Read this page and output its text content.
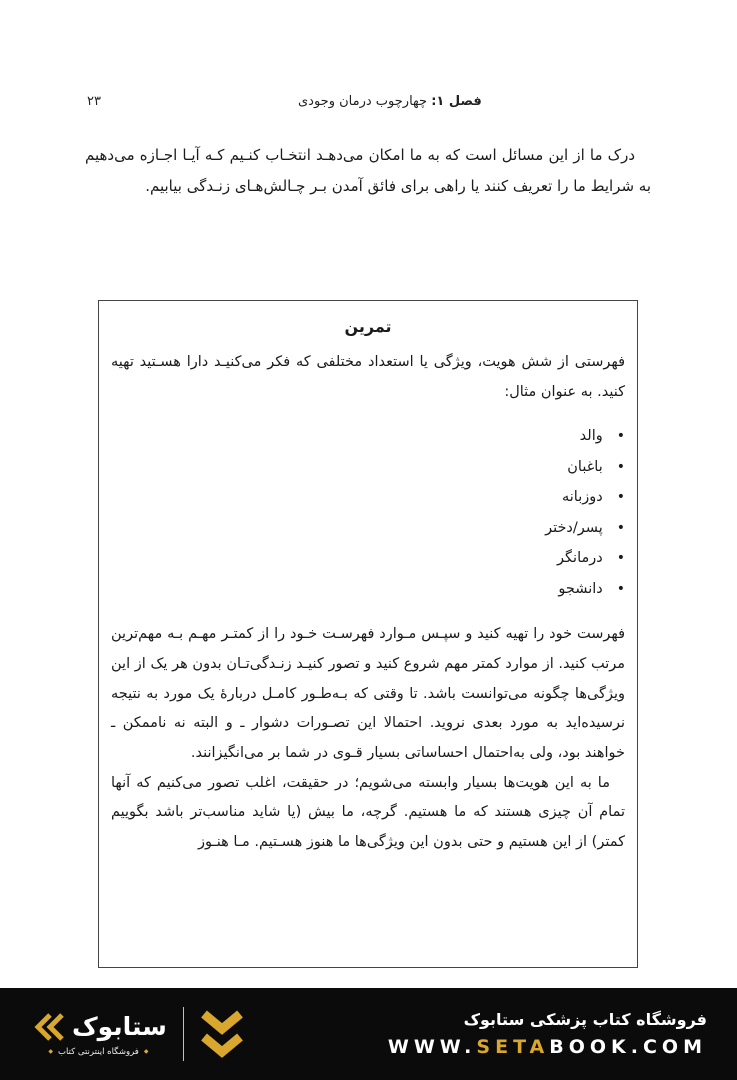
۲۳	فصل ۱: چهارچوب درمان وجودی

درک ما از این مسائل است که به ما امکان می‌دهـد انتخـاب کنـیم کـه آیـا اجـازه می‌دهیم به شرایط ما را تعریف کنند یا راهی برای فائق آمدن بـر چـالش‌هـای زنـدگی بیابیم.

تمرین

فهرستی از شش هویت، ویژگی یا استعداد مختلفی که فکر می‌کنیـد دارا هسـتید تهیه کنید. به عنوان مثال:

•والد
•باغبان
•دوزبانه
•پسر/دختر
•درمانگر
•دانشجو

فهرست خود را تهیه کنید و سپـس مـوارد فهرسـت خـود را از کمتـر مهـم بـه مهم‌ترین مرتب کنید. از موارد کمتر مهم شروع کنید و تصور کنیـد زنـدگی‌تـان بدون هر یک از این ویژگی‌ها چگونه می‌توانست باشد. تا وقتی که بـه‌طـور کامـل دربارهٔ یک مورد به نتیجه نرسیده‌اید به مورد بعدی نروید. احتمالا این تصـورات دشوار ـ و البته نه ناممکن ـ خواهند بود، ولی به‌احتمال احساساتی بسیار قـوی در شما بر می‌انگیزانند.

ما به این هویت‌ها بسیار وابسته می‌شویم؛ در حقیقت، اغلب تصور می‌کنیم که آنها تمام آن چیزی هستند که ما هستیم. گرچه، ما بیش (یا شاید مناسب‌تر باشد بگوییم کمتر) از این هستیم و حتی بدون این ویژگی‌ها ما هنوز هسـتیم. مـا هنـوز

ستابوک
◆ فروشگاه اینترنتی کتاب ◆
فروشگاه کتاب پزشکی ستابوک
WWW.SETABOOK.COM
